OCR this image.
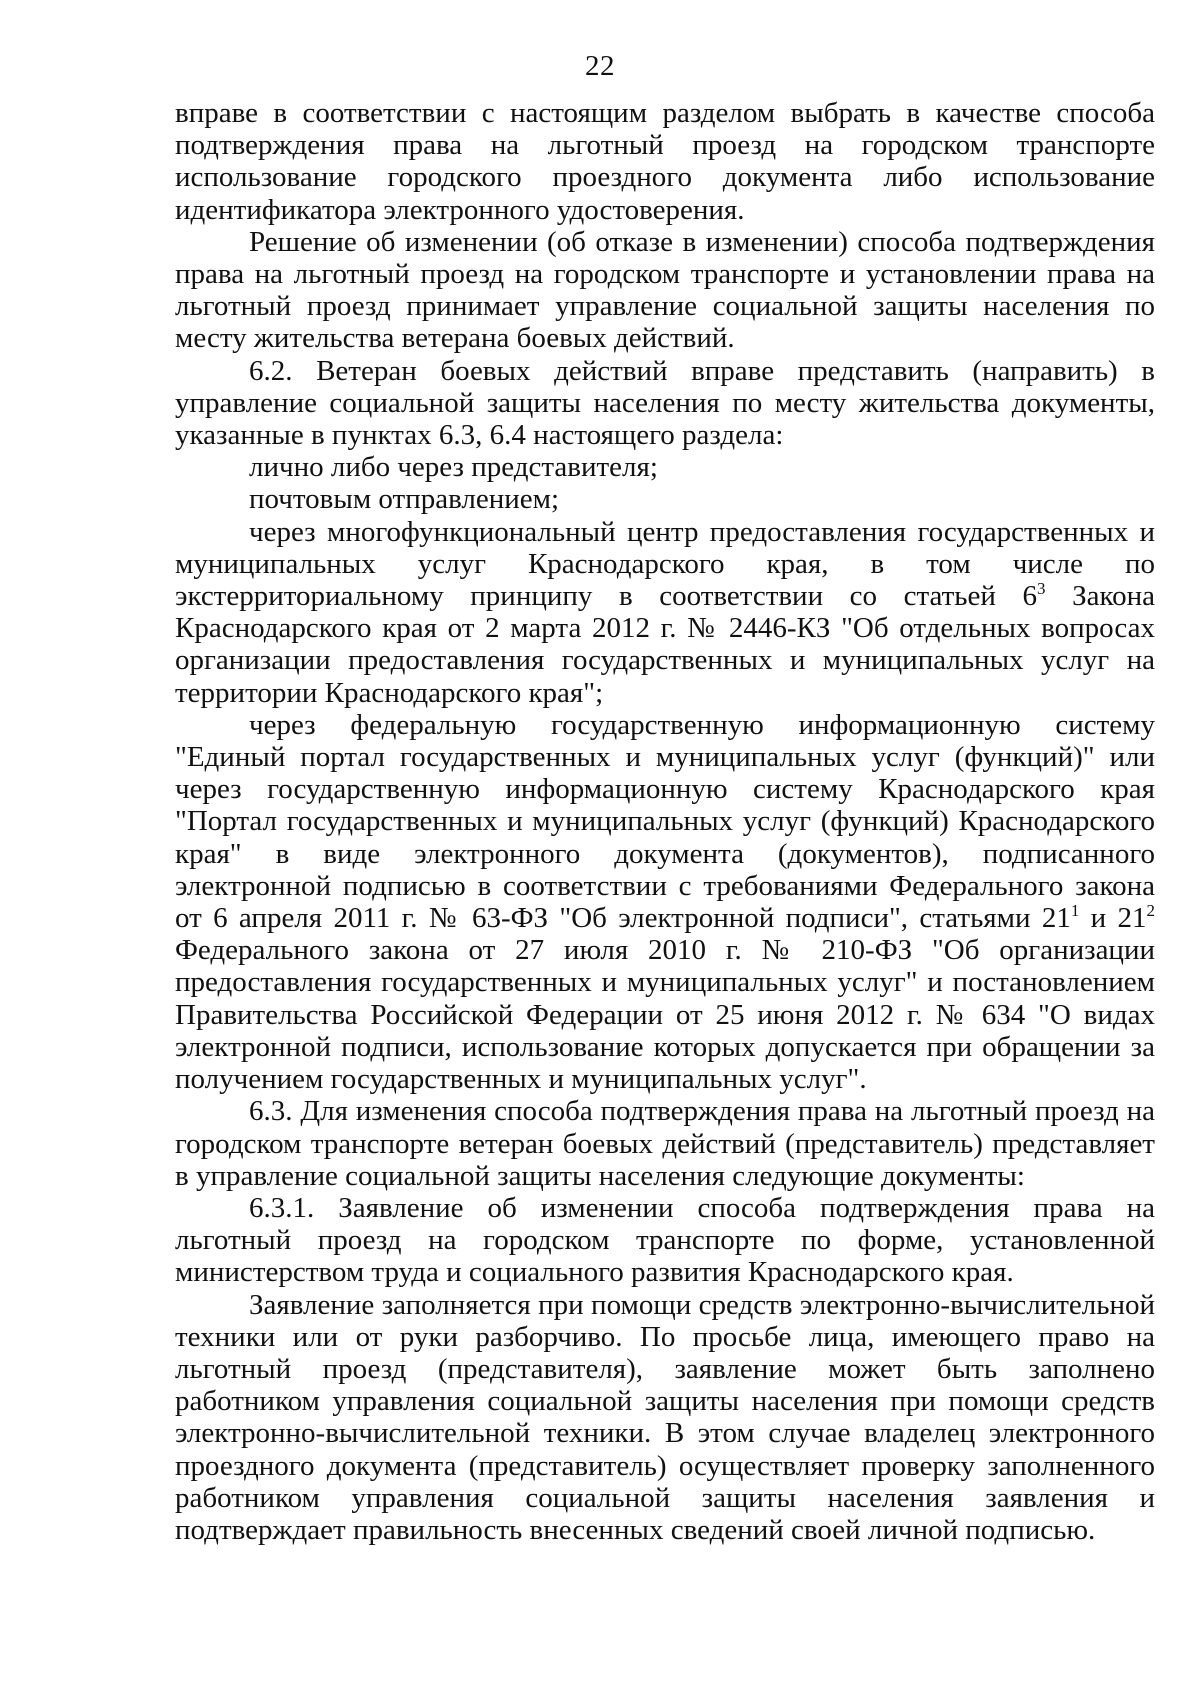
22

вправе в соответствии с настоящим разделом выбрать в качестве способа подтверждения права на льготный проезд на городском транспорте использование городского проездного документа либо использование идентификатора электронного удостоверения.

Решение об изменении (об отказе в изменении) способа подтверждения права на льготный проезд на городском транспорте и установлении права на льготный проезд принимает управление социальной защиты населения по месту жительства ветерана боевых действий.

6.2. Ветеран боевых действий вправе представить (направить) в управление социальной защиты населения по месту жительства документы, указанные в пунктах 6.3, 6.4 настоящего раздела:

лично либо через представителя;

почтовым отправлением;

через многофункциональный центр предоставления государственных и муниципальных услуг Краснодарского края, в том числе по экстерриториальному принципу в соответствии со статьей $6^3$ Закона Краснодарского края от 2 марта 2012 г. № 2446-КЗ "Об отдельных вопросах организации предоставления государственных и муниципальных услуг на территории Краснодарского края";

через федеральную государственную информационную систему "Единый портал государственных и муниципальных услуг (функций)" или через государственную информационную систему Краснодарского края "Портал государственных и муниципальных услуг (функций) Краснодарского края" в виде электронного документа (документов), подписанного электронной подписью в соответствии с требованиями Федерального закона от 6 апреля 2011 г. № 63-ФЗ "Об электронной подписи", статьями $21^1$ и $21^2$ Федерального закона от 27 июля 2010 г. № 210-ФЗ "Об организации предоставления государственных и муниципальных услуг" и постановлением Правительства Российской Федерации от 25 июня 2012 г. № 634 "О видах электронной подписи, использование которых допускается при обращении за получением государственных и муниципальных услуг".

6.3. Для изменения способа подтверждения права на льготный проезд на городском транспорте ветеран боевых действий (представитель) представляет в управление социальной защиты населения следующие документы:

6.3.1. Заявление об изменении способа подтверждения права на льготный проезд на городском транспорте по форме, установленной министерством труда и социального развития Краснодарского края.

Заявление заполняется при помощи средств электронно-вычислительной техники или от руки разборчиво. По просьбе лица, имеющего право на льготный проезд (представителя), заявление может быть заполнено работником управления социальной защиты населения при помощи средств электронно-вычислительной техники. В этом случае владелец электронного проездного документа (представитель) осуществляет проверку заполненного работником управления социальной защиты населения заявления и подтверждает правильность внесенных сведений своей личной подписью.
